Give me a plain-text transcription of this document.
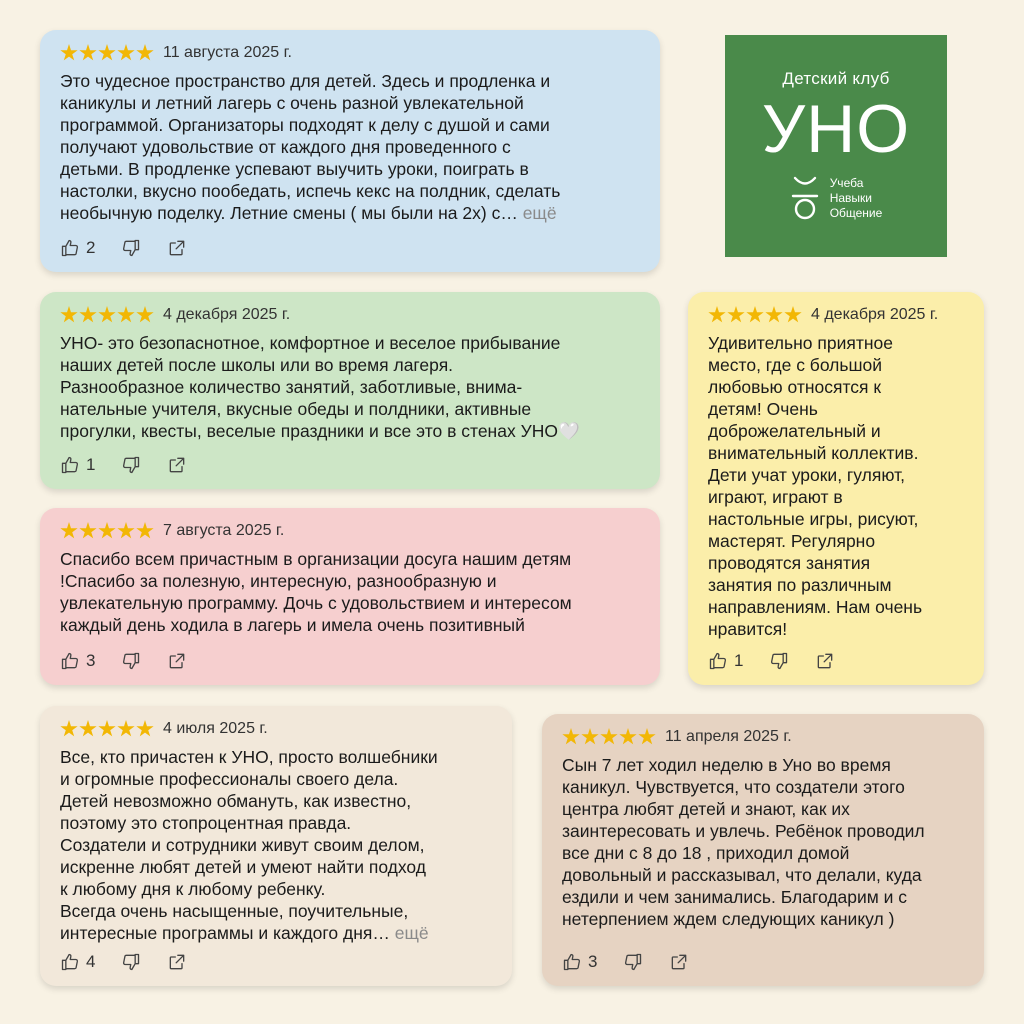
Детский клуб
УНО
Учеба
Навыки
Общение
11 августа 2025 г.
Это чудесное пространство для детей. Здесь и продленка и
каникулы и летний лагерь с очень разной увлекательной
программой. Организаторы подходят к делу с душой и сами
получают удовольствие от каждого дня проведенного с
детьми. В продленке успевают выучить уроки, поиграть в
настолки, вкусно пообедать, испечь кекс на полдник, сделать
необычную поделку. Летние смены ( мы были на 2х) с… ещё
2
4 декабря 2025 г.
УНО- это безопаснотное, комфортное и веселое прибывание
наших детей после школы или во время лагеря.
Разнообразное количество занятий, заботливые, внима-
нательные учителя, вкусные обеды и полдники, активные
прогулки, квесты, веселые праздники и все это в стенах УНО🤍
1
7 августа 2025 г.
Спасибо всем причастным в организации досуга нашим детям
!Спасибо за полезную, интересную, разнообразную и
увлекательную программу. Дочь с удовольствием и интересом
каждый день ходила в лагерь и имела очень позитивный
3
4 декабря 2025 г.
Удивительно приятное
место, где с большой
любовью относятся к
детям! Очень
доброжелательный и
внимательный коллектив.
Дети учат уроки, гуляют,
играют, играют в
настольные игры, рисуют,
мастерят. Регулярно
проводятся занятия
занятия по различным
направлениям. Нам очень
нравится!
1
4 июля 2025 г.
Все, кто причастен к УНО, просто волшебники
и огромные профессионалы своего дела.
Детей невозможно обмануть, как известно,
поэтому это стопроцентная правда.
Создатели и сотрудники живут своим делом,
искренне любят детей и умеют найти подход
к любому дня к любому ребенку.
Всегда очень насыщенные, поучительные,
интересные программы и каждого дня… ещё
4
11 апреля 2025 г.
Сын 7 лет ходил неделю в Уно во время
каникул. Чувствуется, что создатели этого
центра любят детей и знают, как их
заинтересовать и увлечь. Ребёнок проводил
все дни с 8 до 18 , приходил домой
довольный и рассказывал, что делали, куда
ездили и чем занимались. Благодарим и с
нетерпением ждем следующих каникул )
3
